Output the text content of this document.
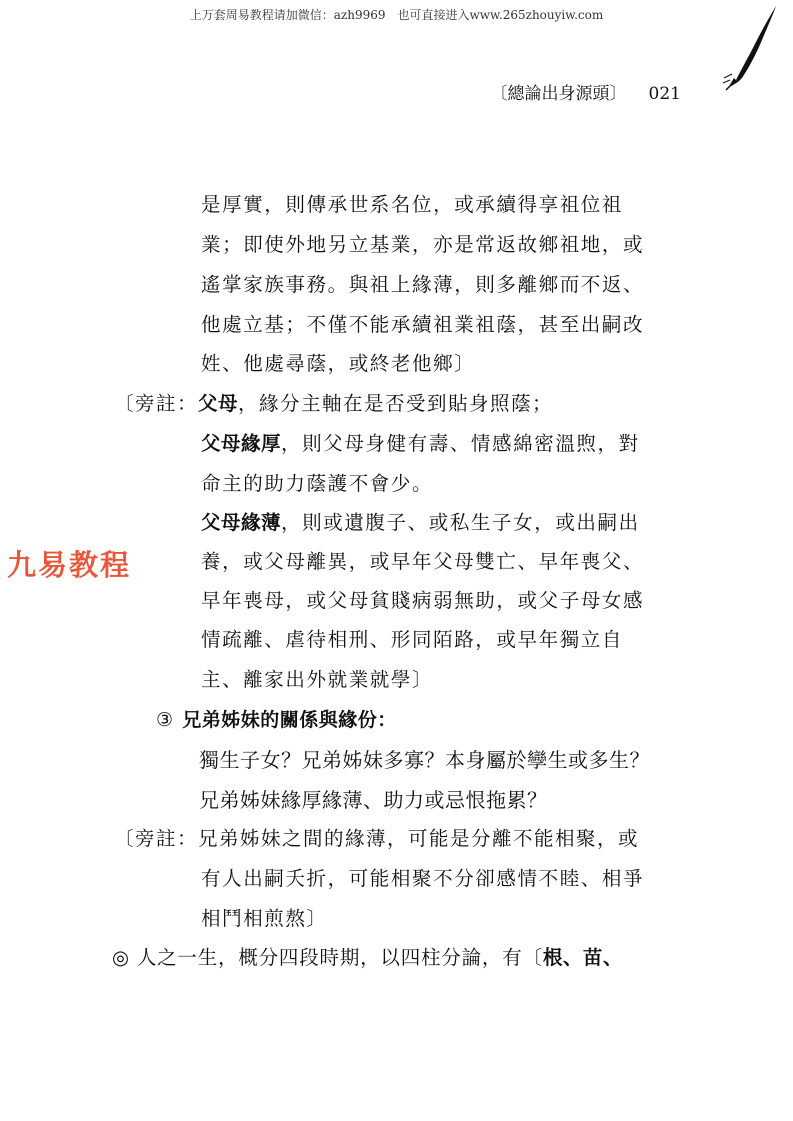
上万套周易教程请加微信：azh9969　也可直接进入www.265zhouyiw.com
〔總論出身源頭〕 021
九易教程
是厚實，則傳承世系名位，或承續得享祖位祖
業；即使外地另立基業，亦是常返故鄉祖地，或
遙掌家族事務。與祖上緣薄，則多離鄉而不返、
他處立基；不僅不能承續祖業祖蔭，甚至出嗣改
姓、他處尋蔭，或終老他鄉〕
〔旁註：父母，緣分主軸在是否受到貼身照蔭；
父母緣厚，則父母身健有壽、情感綿密溫煦，對
命主的助力蔭護不會少。
父母緣薄，則或遺腹子、或私生子女，或出嗣出
養，或父母離異，或早年父母雙亡、早年喪父、
早年喪母，或父母貧賤病弱無助，或父子母女感
情疏離、虐待相刑、形同陌路，或早年獨立自
主、離家出外就業就學〕
③ 兄弟姊妹的關係與緣份：
獨生子女？兄弟姊妹多寡？本身屬於孿生或多生？
兄弟姊妹緣厚緣薄、助力或忌恨拖累？
〔旁註：兄弟姊妹之間的緣薄，可能是分離不能相聚，或
有人出嗣夭折，可能相聚不分卻感情不睦、相爭
相鬥相煎熬〕
◎ 人之一生，概分四段時期，以四柱分論，有〔根、苗、
